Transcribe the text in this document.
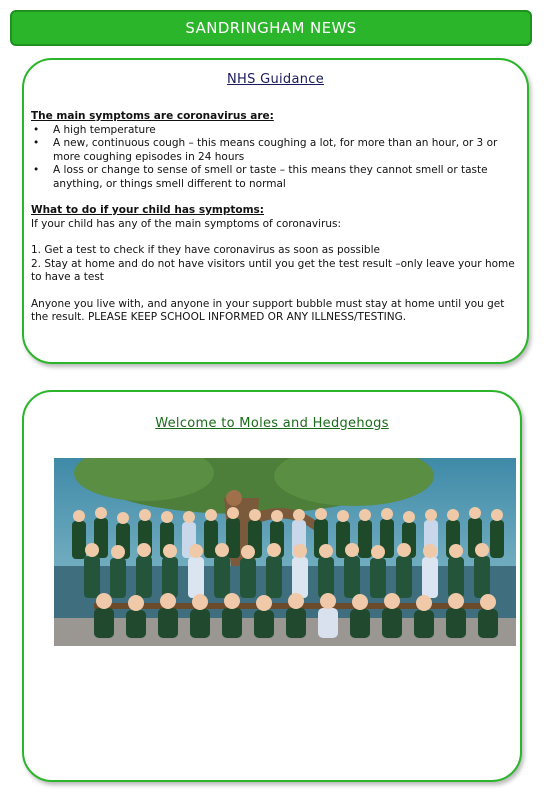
SANDRINGHAM NEWS
NHS Guidance
The main symptoms are coronavirus are:
• A high temperature
• A new, continuous cough – this means coughing a lot, for more than an hour, or 3 or more coughing episodes in 24 hours
• A loss or change to sense of smell or taste – this means they cannot smell or taste anything, or things smell different to normal
What to do if your child has symptoms:

If your child has any of the main symptoms of coronavirus:

1. Get a test to check if they have coronavirus as soon as possible

2. Stay at home and do not have visitors until you get the test result –only leave your home to have a test

Anyone you live with, and anyone in your support bubble must stay at home until you get the result. PLEASE KEEP SCHOOL INFORMED OR ANY ILLNESS/TESTING.

Welcome to Moles and Hedgehogs
